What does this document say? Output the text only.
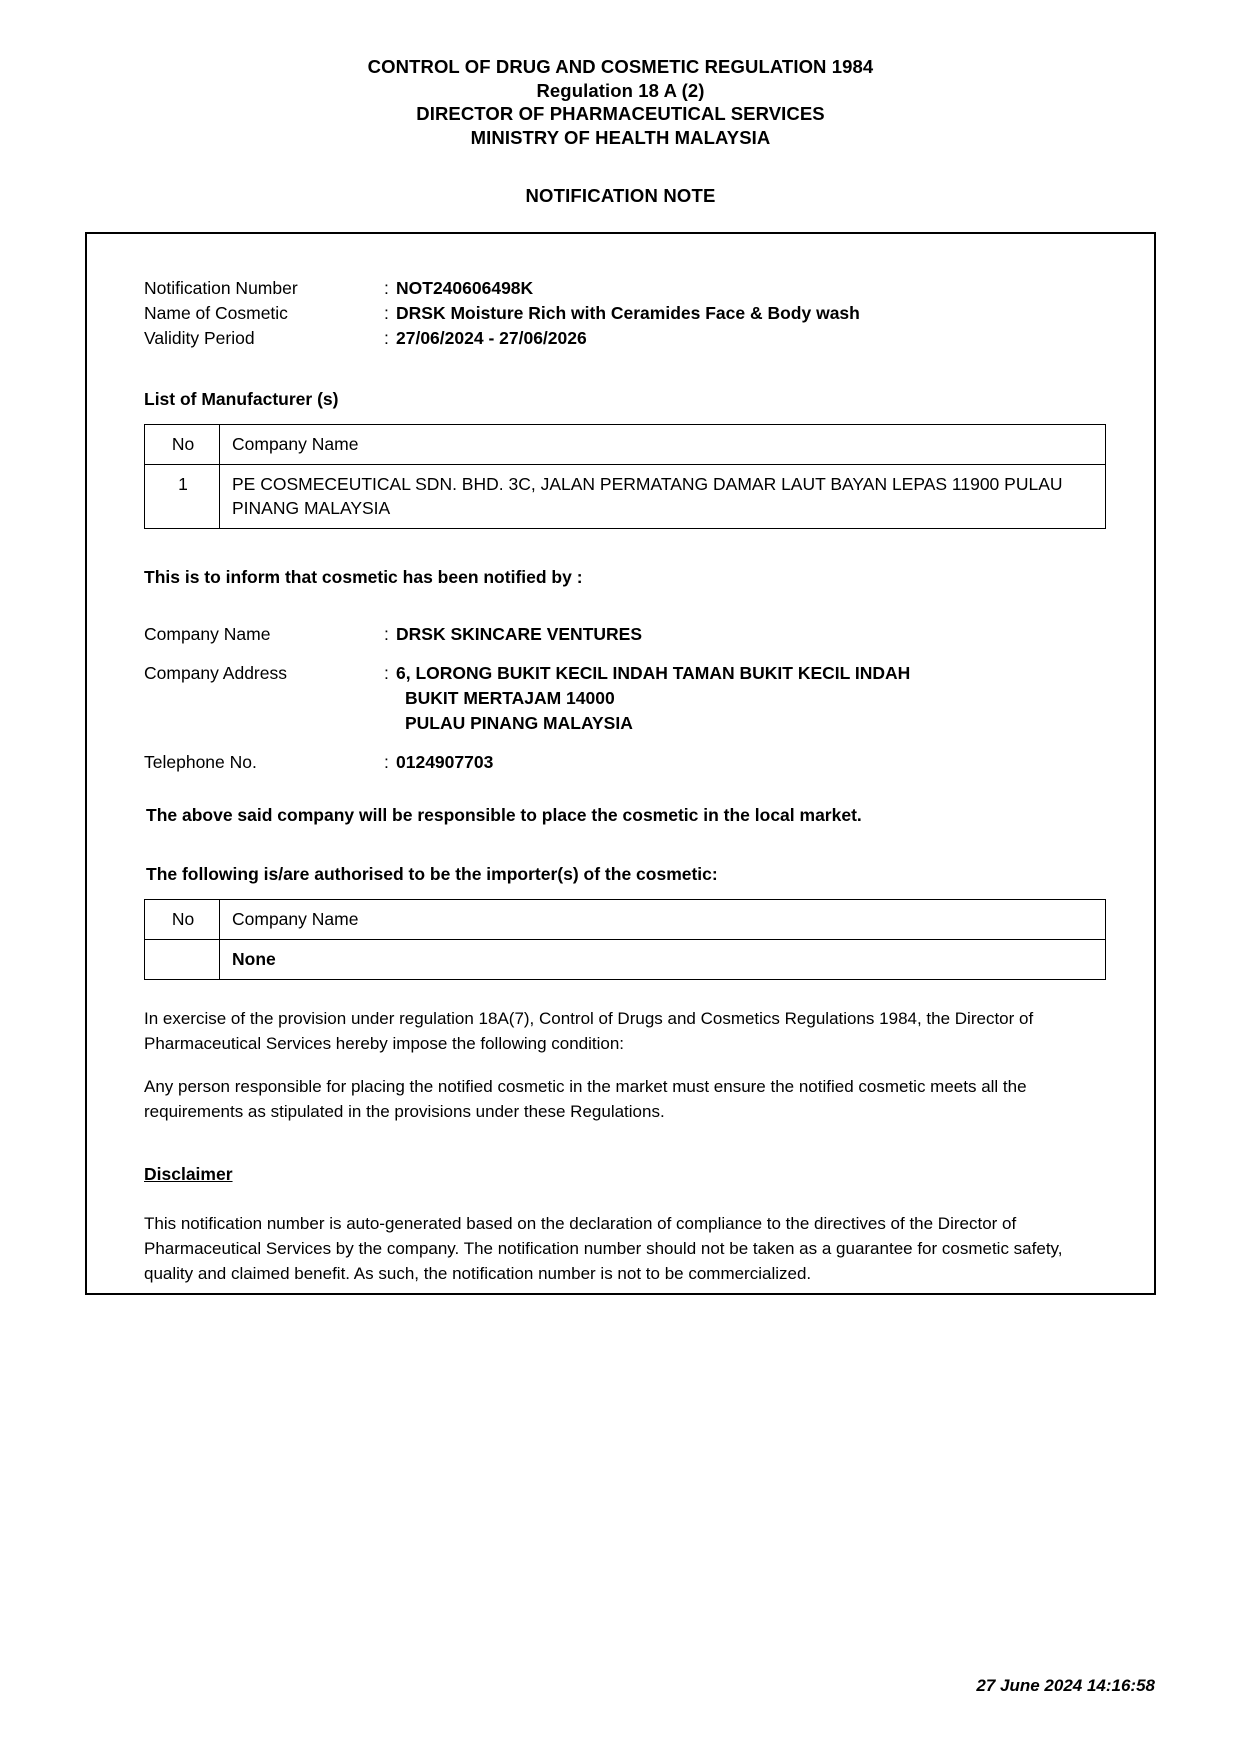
CONTROL OF DRUG AND COSMETIC REGULATION 1984
Regulation 18 A (2)
DIRECTOR OF PHARMACEUTICAL SERVICES
MINISTRY OF HEALTH MALAYSIA
NOTIFICATION NOTE
Notification Number	: NOT240606498K
Name of Cosmetic	: DRSK Moisture Rich with Ceramides Face & Body wash
Validity Period	: 27/06/2024 - 27/06/2026
List of Manufacturer (s)
No	Company Name
1	PE COSMECEUTICAL SDN. BHD. 3C, JALAN PERMATANG DAMAR LAUT BAYAN LEPAS 11900 PULAU PINANG MALAYSIA
This is to inform that cosmetic has been notified by :
Company Name	: DRSK SKINCARE VENTURES
Company Address	: 6, LORONG BUKIT KECIL INDAH TAMAN BUKIT KECIL INDAH
BUKIT MERTAJAM 14000
PULAU PINANG MALAYSIA
Telephone No.	: 0124907703
The above said company will be responsible to place the cosmetic in the local market.
The following is/are authorised to be the importer(s) of the cosmetic:
No	Company Name
	None
In exercise of the provision under regulation 18A(7), Control of Drugs and Cosmetics Regulations 1984, the Director of Pharmaceutical Services hereby impose the following condition:
Any person responsible for placing the notified cosmetic in the market must ensure the notified cosmetic meets all the requirements as stipulated in the provisions under these Regulations.
Disclaimer
This notification number is auto-generated based on the declaration of compliance to the directives of the Director of Pharmaceutical Services by the company. The notification number should not be taken as a guarantee for cosmetic safety, quality and claimed benefit. As such, the notification number is not to be commercialized.
27 June 2024 14:16:58
